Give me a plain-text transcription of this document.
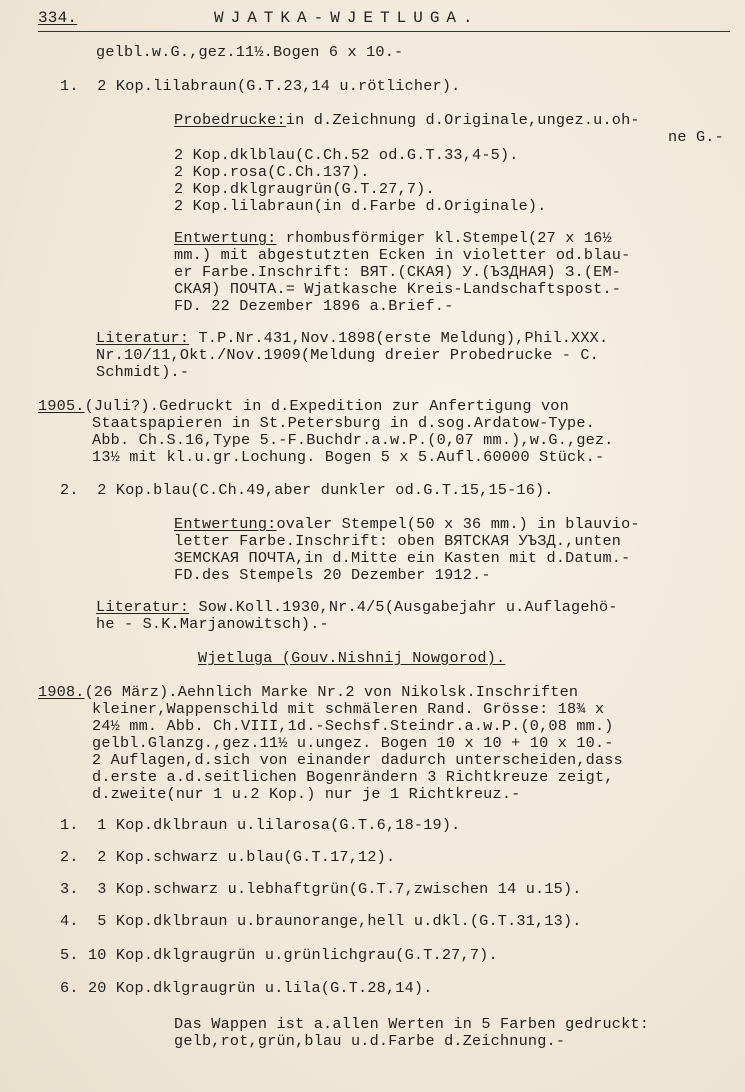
334.	WJATKA-WJETLUGA.
gelbl.w.G.,gez.11½.Bogen 6 x 10.-
1.  2 Kop.lilabraun(G.T.23,14 u.rötlicher).
Probedrucke:in d.Zeichnung d.Originale,ungez.u.oh-
ne G.-
2 Kop.dklblau(C.Ch.52 od.G.T.33,4-5).
2 Kop.rosa(C.Ch.137).
2 Kop.dklgraugrün(G.T.27,7).
2 Kop.lilabraun(in d.Farbe d.Originale).
Entwertung: rhombusförmiger kl.Stempel(27 x 16½
mm.) mit abgestutzten Ecken in violetter od.blau-
er Farbe.Inschrift: ВЯТ.(СКАЯ) У.(ЪЗДНАЯ) З.(ЕМ-
СКАЯ) ПОЧТА.= Wjatkasche Kreis-Landschaftspost.-
FD. 22 Dezember 1896 a.Brief.-
Literatur: T.P.Nr.431,Nov.1898(erste Meldung),Phil.XXX.
Nr.10/11,Okt./Nov.1909(Meldung dreier Probedrucke - C.
Schmidt).-
1905.(Juli?).Gedruckt in d.Expedition zur Anfertigung von
Staatspapieren in St.Petersburg in d.sog.Ardatow-Type.
Abb. Ch.S.16,Type 5.-F.Buchdr.a.w.P.(0,07 mm.),w.G.,gez.
13½ mit kl.u.gr.Lochung. Bogen 5 x 5.Aufl.60000 Stück.-
2.  2 Kop.blau(C.Ch.49,aber dunkler od.G.T.15,15-16).
Entwertung:ovaler Stempel(50 x 36 mm.) in blauvio-
letter Farbe.Inschrift: oben ВЯТСКАЯ УЪЗД.,unten
ЗЕМСКАЯ ПОЧТА,in d.Mitte ein Kasten mit d.Datum.-
FD.des Stempels 20 Dezember 1912.-
Literatur: Sow.Koll.1930,Nr.4/5(Ausgabejahr u.Auflagehö-
he - S.K.Marjanowitsch).-
Wjetluga (Gouv.Nishnij Nowgorod).
1908.(26 März).Aehnlich Marke Nr.2 von Nikolsk.Inschriften
kleiner,Wappenschild mit schmäleren Rand. Grösse: 18¾ x
24½ mm. Abb. Ch.VIII,1d.-Sechsf.Steindr.a.w.P.(0,08 mm.)
gelbl.Glanzg.,gez.11½ u.ungez. Bogen 10 x 10 + 10 x 10.-
2 Auflagen,d.sich von einander dadurch unterscheiden,dass
d.erste a.d.seitlichen Bogenrändern 3 Richtkreuze zeigt,
d.zweite(nur 1 u.2 Kop.) nur je 1 Richtkreuz.-
1.  1 Kop.dklbraun u.lilarosa(G.T.6,18-19).
2.  2 Kop.schwarz u.blau(G.T.17,12).
3.  3 Kop.schwarz u.lebhaftgrün(G.T.7,zwischen 14 u.15).
4.  5 Kop.dklbraun u.braunorange,hell u.dkl.(G.T.31,13).
5. 10 Kop.dklgraugrün u.grünlichgrau(G.T.27,7).
6. 20 Kop.dklgraugrün u.lila(G.T.28,14).
Das Wappen ist a.allen Werten in 5 Farben gedruckt:
gelb,rot,grün,blau u.d.Farbe d.Zeichnung.-
